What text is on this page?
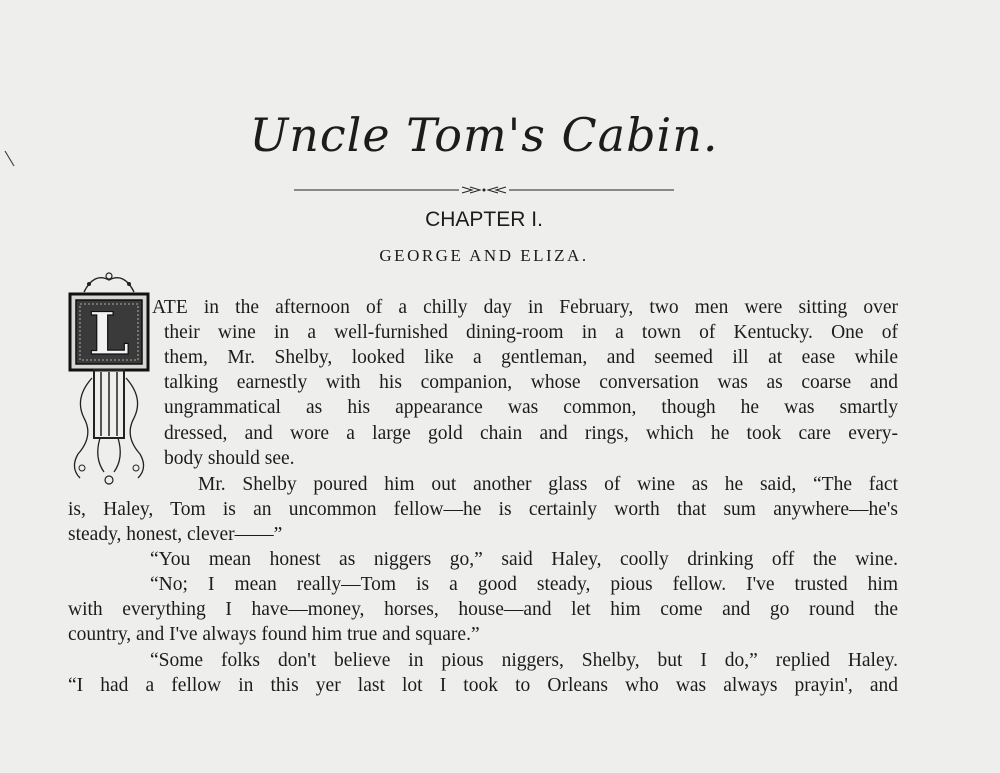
Uncle Tom's Cabin.
CHAPTER I.
GEORGE AND ELIZA.
L ATE in the afternoon of a chilly day in February, two men were sitting over
their wine in a well-furnished dining-room in a town of Kentucky. One of
them, Mr. Shelby, looked like a gentleman, and seemed ill at ease while
talking earnestly with his companion, whose conversation was as coarse and
ungrammatical as his appearance was common, though he was smartly
dressed, and wore a large gold chain and rings, which he took care every-
body should see.
Mr. Shelby poured him out another glass of wine as he said, “The fact
is, Haley, Tom is an uncommon fellow—he is certainly worth that sum anywhere—he's
steady, honest, clever——”
“You mean honest as niggers go,” said Haley, coolly drinking off the wine.
“No; I mean really—Tom is a good steady, pious fellow. I've trusted him
with everything I have—money, horses, house—and let him come and go round the
country, and I've always found him true and square.”
“Some folks don't believe in pious niggers, Shelby, but I do,” replied Haley.
“I had a fellow in this yer last lot I took to Orleans who was always prayin', and
